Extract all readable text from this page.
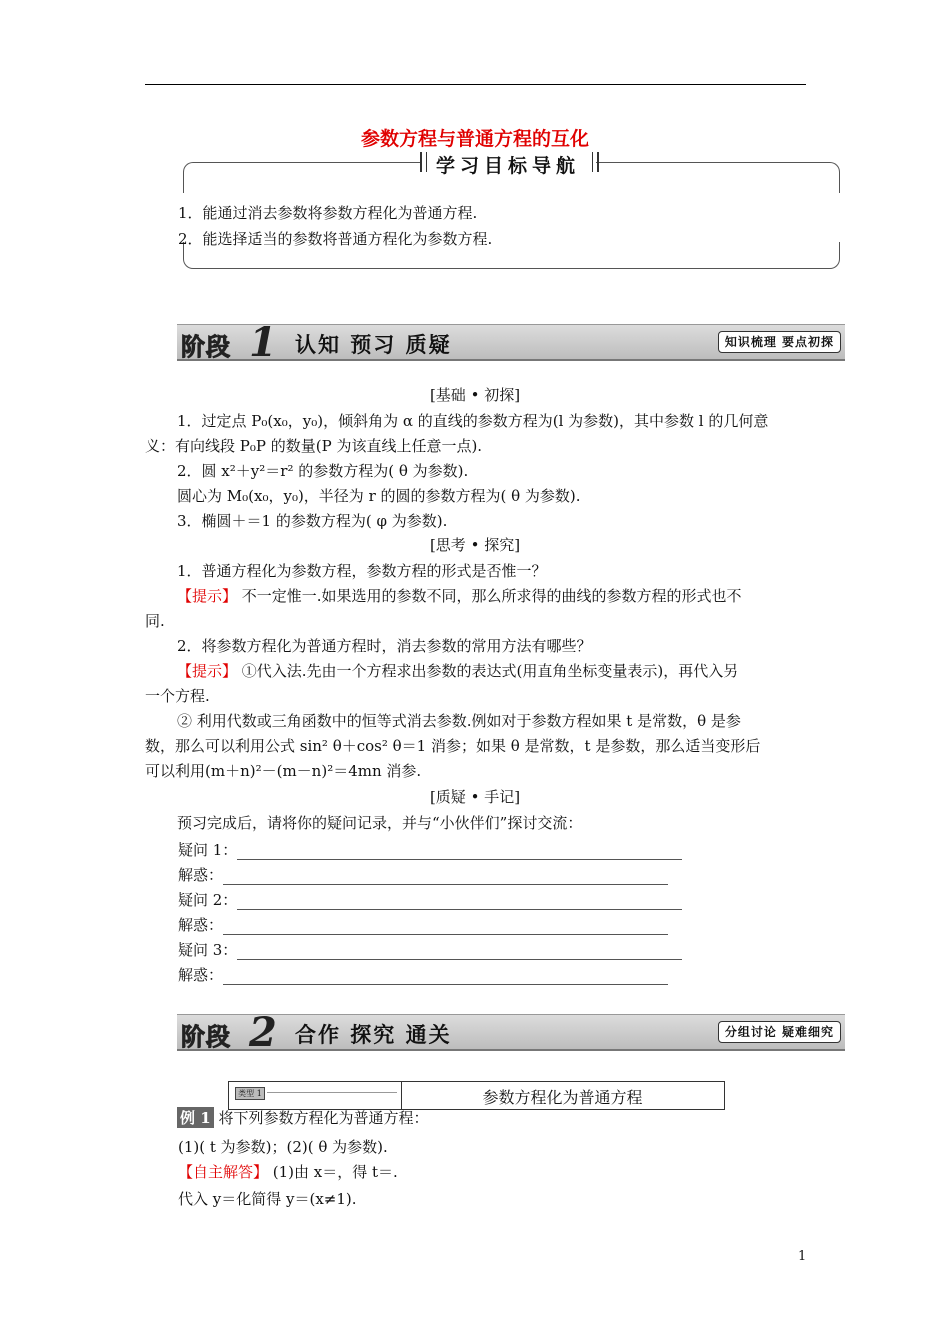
参数方程与普通方程的互化
学习目标导航
1．能通过消去参数将参数方程化为普通方程.
2．能选择适当的参数将普通方程化为参数方程.
阶段 1 认知 预习 质疑	知识梳理 要点初探
[基础 • 初探]
1．过定点 P₀(x₀，y₀)，倾斜角为 α 的直线的参数方程为(l 为参数)，其中参数 l 的几何意
义：有向线段 P₀P 的数量(P 为该直线上任意一点).
2．圆 x²＋y²＝r² 的参数方程为( θ 为参数).
圆心为 M₀(x₀，y₀)，半径为 r 的圆的参数方程为( θ 为参数).
3．椭圆＋＝1 的参数方程为( φ 为参数).
[思考 • 探究]
1．普通方程化为参数方程，参数方程的形式是否惟一？
【提示】 不一定惟一.如果选用的参数不同，那么所求得的曲线的参数方程的形式也不
同.
2．将参数方程化为普通方程时，消去参数的常用方法有哪些？
【提示】 ①代入法.先由一个方程求出参数的表达式(用直角坐标变量表示)，再代入另
一个方程.
② 利用代数或三角函数中的恒等式消去参数.例如对于参数方程如果 t 是常数，θ 是参
数，那么可以利用公式 sin² θ＋cos² θ＝1 消参；如果 θ 是常数，t 是参数，那么适当变形后
可以利用(m＋n)²－(m－n)²＝4mn 消参.
[质疑 • 手记]
预习完成后，请将你的疑问记录，并与“小伙伴们”探讨交流：
疑问 1：
解惑：
疑问 2：
解惑：
疑问 3：
解惑：
阶段 2 合作 探究 通关	分组讨论 疑难细究
类型 1	参数方程化为普通方程
例 1 将下列参数方程化为普通方程：
(1)( t 为参数)；(2)( θ 为参数).
【自主解答】 (1)由 x＝，得 t＝.
代入 y＝化简得 y＝(x≠1).
1
